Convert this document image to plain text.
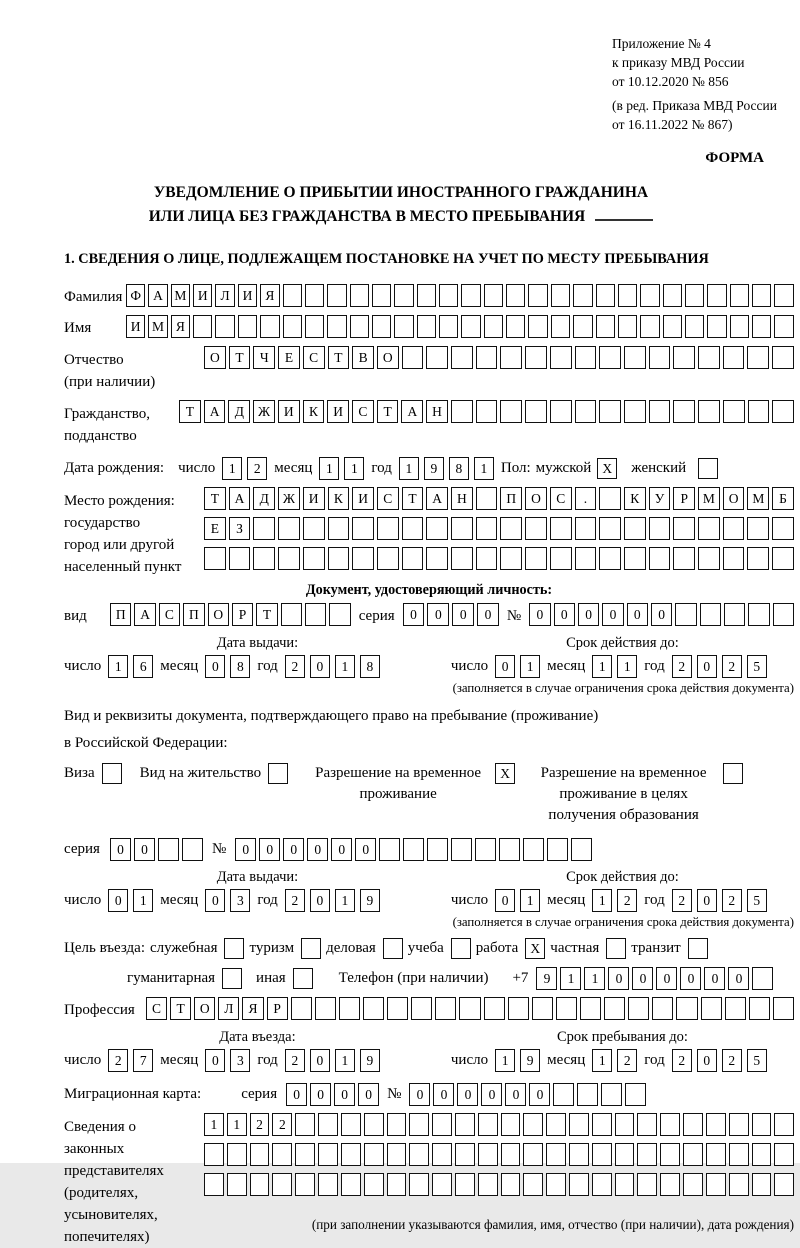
Приложение № 4
к приказу МВД России
от 10.12.2020 № 856
(в ред. Приказа МВД России
от 16.11.2022 № 867)
ФОРМА
УВЕДОМЛЕНИЕ О ПРИБЫТИИ ИНОСТРАННОГО ГРАЖДАНИНА
ИЛИ ЛИЦА БЕЗ ГРАЖДАНСТВА В МЕСТО ПРЕБЫВАНИЯ
1. СВЕДЕНИЯ О ЛИЦЕ, ПОДЛЕЖАЩЕМ ПОСТАНОВКЕ НА УЧЕТ ПО МЕСТУ ПРЕБЫВАНИЯ
Фамилия Ф А М И Л И Я
Имя	И М Я
Отчество
(при наличии)
О	Т	Ч	Е	С	Т	В	О
Гражданство,
подданство
Т	А	Д	Ж	И	К	И	С	Т	А	Н
Дата рождения: число	1	2 месяц	1	1 год	1	9	8	1 Пол: мужской X	женский
Место рождения:
государство
город или другой
населенный пункт
Т	А	Д	Ж	И	К	И	С	Т	А	Н	П	О	С	.	К	У	Р	М	О	М	Б
Е	З
Документ, удостоверяющий личность:
вид	П	А	С	П	О	Р	Т	серия	0	0	0	0	№	0	0	0	0	0	0
Дата выдачи:	Срок действия до:
число	1	6 месяц	0	8 год	2	0	1	8	число	0	1 месяц	1	1 год	2	0	2	5
(заполняется в случае ограничения срока действия документа)
Вид и реквизиты документа, подтверждающего право на пребывание (проживание)
в Российской Федерации:
Виза	Вид на жительство	Разрешение на временное проживание
X	Разрешение на временное проживание в целях получения образования
серия	0	0	№	0	0	0	0	0	0
Дата выдачи:	Срок действия до:
число	0	1 месяц	0	3 год	2	0	1	9	число	0	1 месяц	1	2 год	2	0	2	5
(заполняется в случае ограничения срока действия документа)
Цель въезда: служебная туризм деловая учеба работа X частная транзит
гуманитарная	иная	Телефон (при наличии) +7	9	1	1	0	0	0	0	0	0
Профессия	С	Т	О	Л	Я	Р
Дата въезда:	Срок пребывания до:
число	2	7 месяц	0	3 год	2	0	1	9	число	1	9 месяц	1	2 год	2	0	2	5
Миграционная карта:	серия	0	0	0	0	№	0	0	0	0	0	0
Сведения о
законных
представителях
(родителях,
усыновителях,
попечителях)
1	1	2	2
(при заполнении указываются фамилия, имя, отчество (при наличии), дата рождения)
